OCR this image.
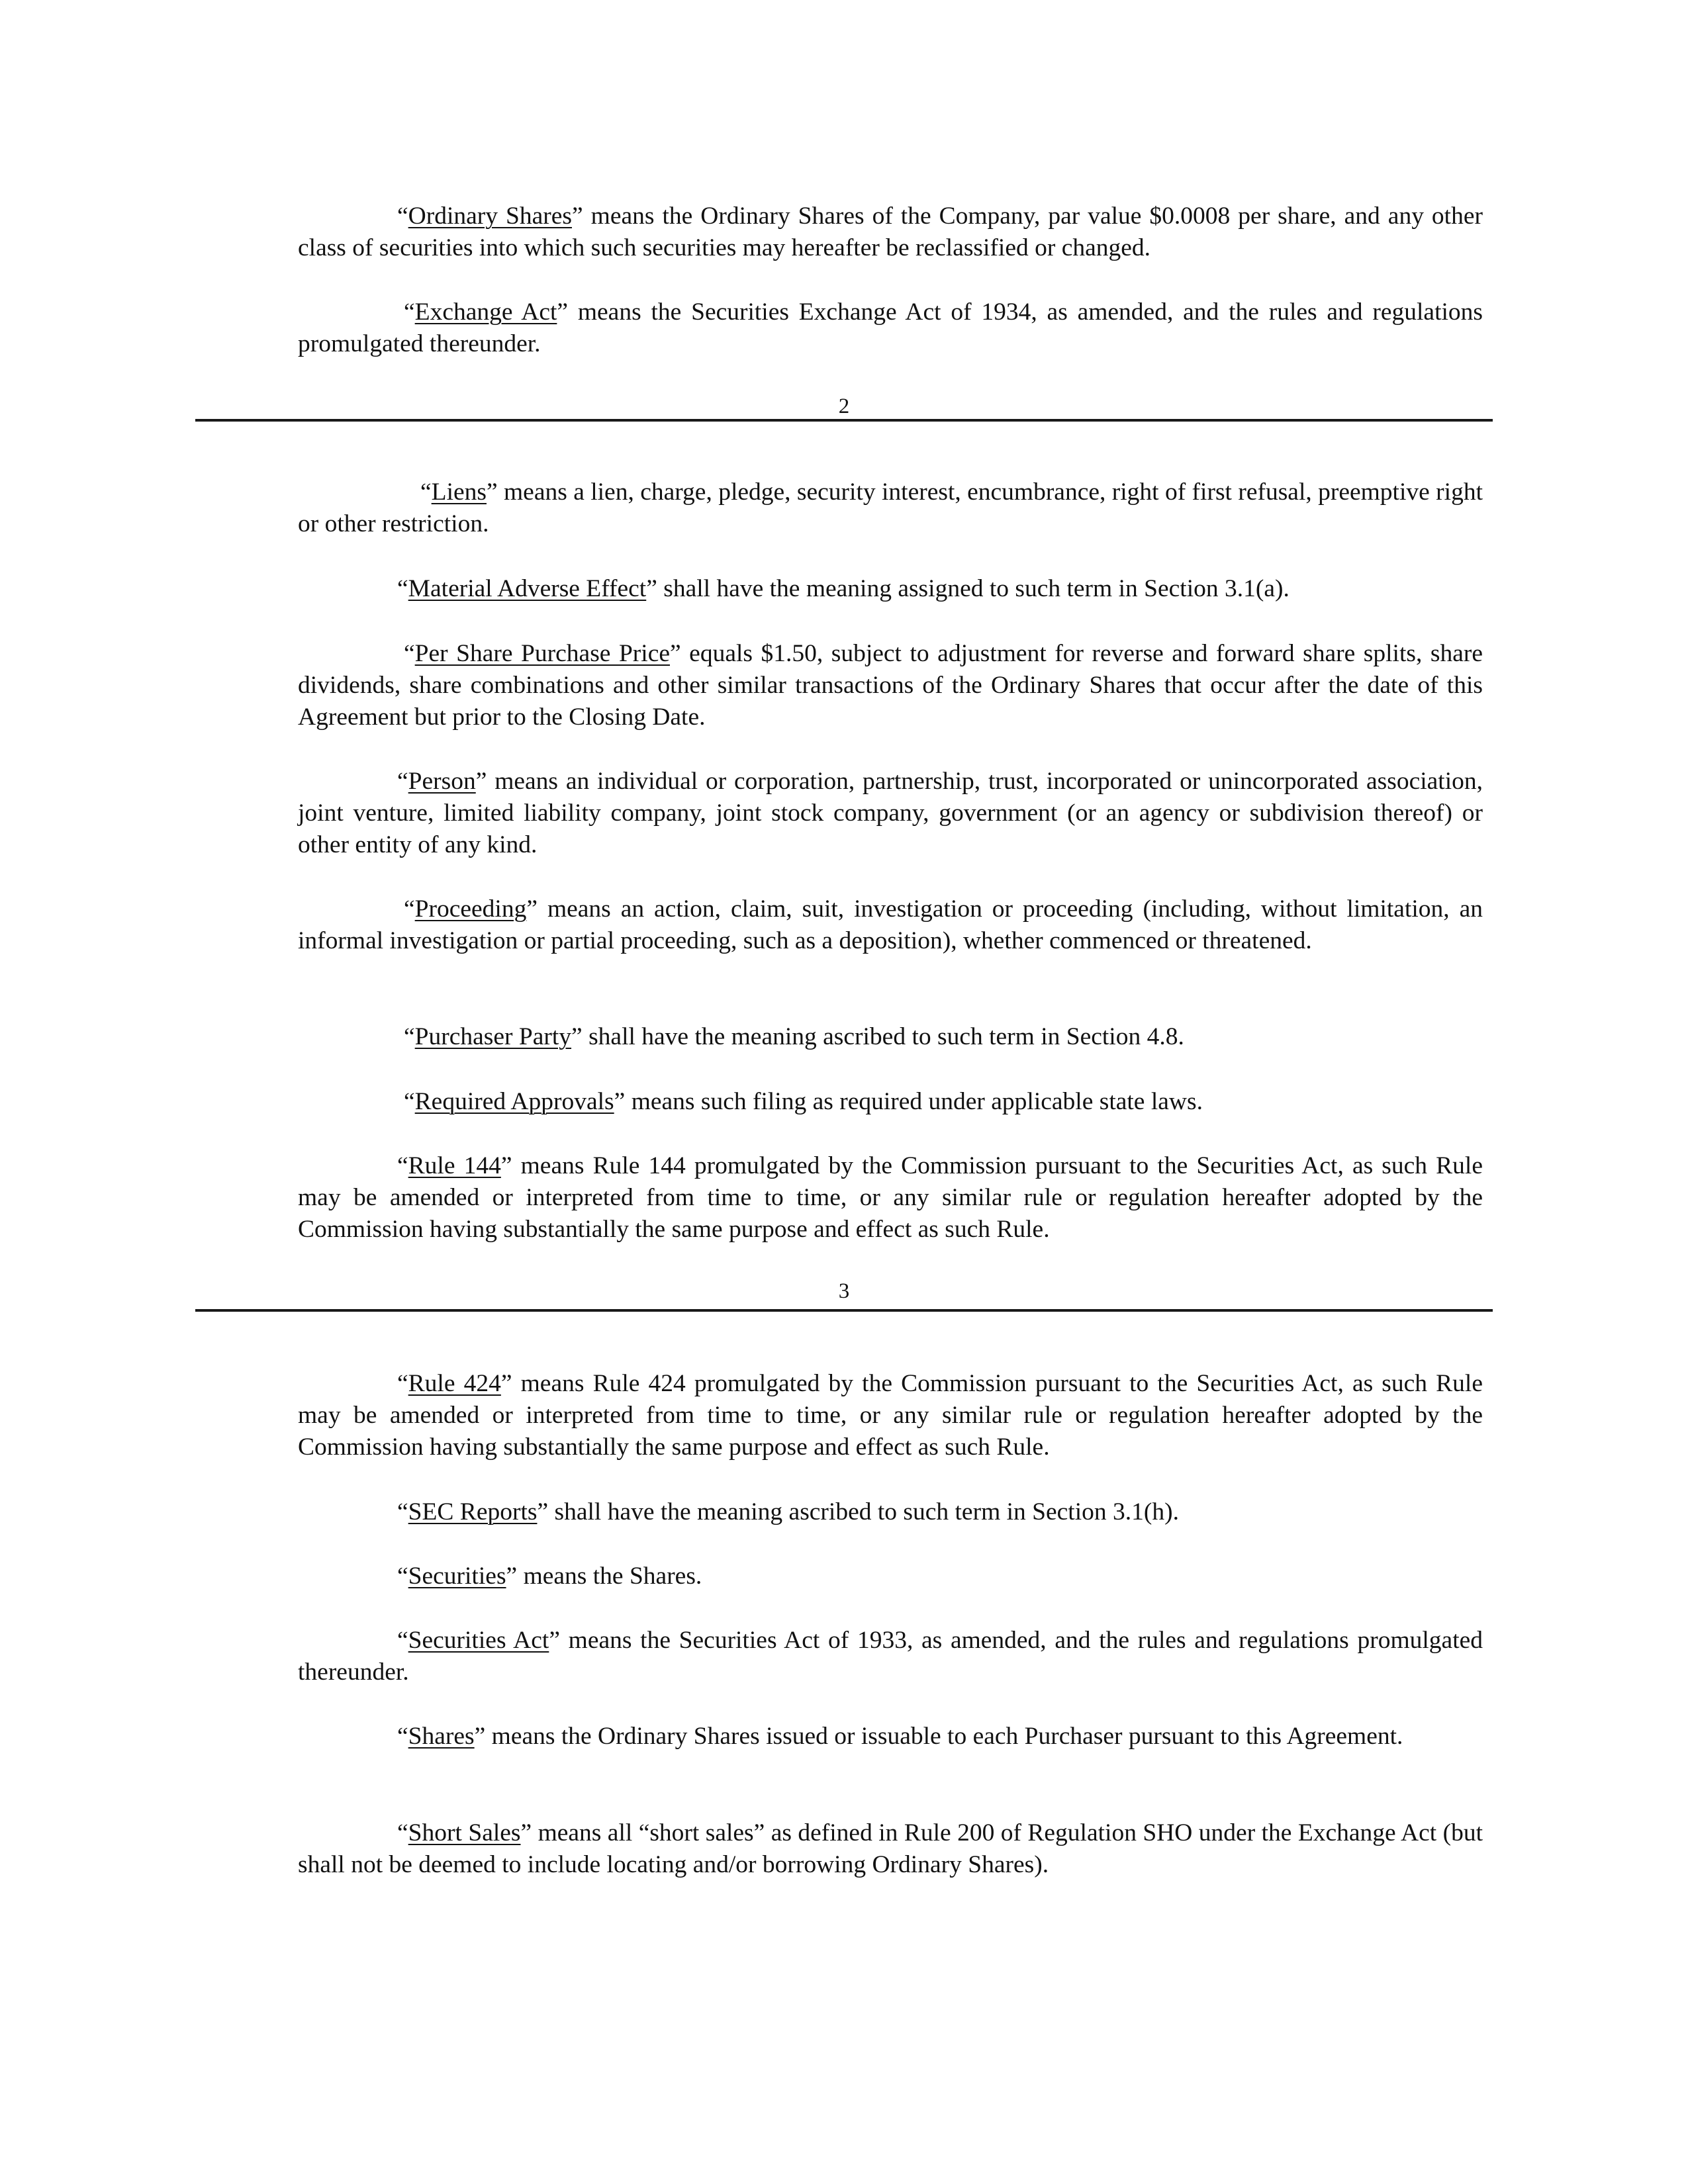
“Ordinary Shares” means the Ordinary Shares of the Company, par value $0.0008 per share, and any other class of securities into which such securities may hereafter be reclassified or changed.

“Exchange Act” means the Securities Exchange Act of 1934, as amended, and the rules and regulations promulgated thereunder.

2

“Liens” means a lien, charge, pledge, security interest, encumbrance, right of first refusal, preemptive right or other restriction.

“Material Adverse Effect” shall have the meaning assigned to such term in Section 3.1(a).

“Per Share Purchase Price” equals $1.50, subject to adjustment for reverse and forward share splits, share dividends, share combinations and other similar transactions of the Ordinary Shares that occur after the date of this Agreement but prior to the Closing Date.

“Person” means an individual or corporation, partnership, trust, incorporated or unincorporated association, joint venture, limited liability company, joint stock company, government (or an agency or subdivision thereof) or other entity of any kind.

“Proceeding” means an action, claim, suit, investigation or proceeding (including, without limitation, an informal investigation or partial proceeding, such as a deposition), whether commenced or threatened.

“Purchaser Party” shall have the meaning ascribed to such term in Section 4.8.

“Required Approvals” means such filing as required under applicable state laws.

“Rule 144” means Rule 144 promulgated by the Commission pursuant to the Securities Act, as such Rule may be amended or interpreted from time to time, or any similar rule or regulation hereafter adopted by the Commission having substantially the same purpose and effect as such Rule.

3

“Rule 424” means Rule 424 promulgated by the Commission pursuant to the Securities Act, as such Rule may be amended or interpreted from time to time, or any similar rule or regulation hereafter adopted by the Commission having substantially the same purpose and effect as such Rule.

“SEC Reports” shall have the meaning ascribed to such term in Section 3.1(h).

“Securities” means the Shares.

“Securities Act” means the Securities Act of 1933, as amended, and the rules and regulations promulgated thereunder.

“Shares” means the Ordinary Shares issued or issuable to each Purchaser pursuant to this Agreement.

“Short Sales” means all “short sales” as defined in Rule 200 of Regulation SHO under the Exchange Act (but shall not be deemed to include locating and/or borrowing Ordinary Shares).
